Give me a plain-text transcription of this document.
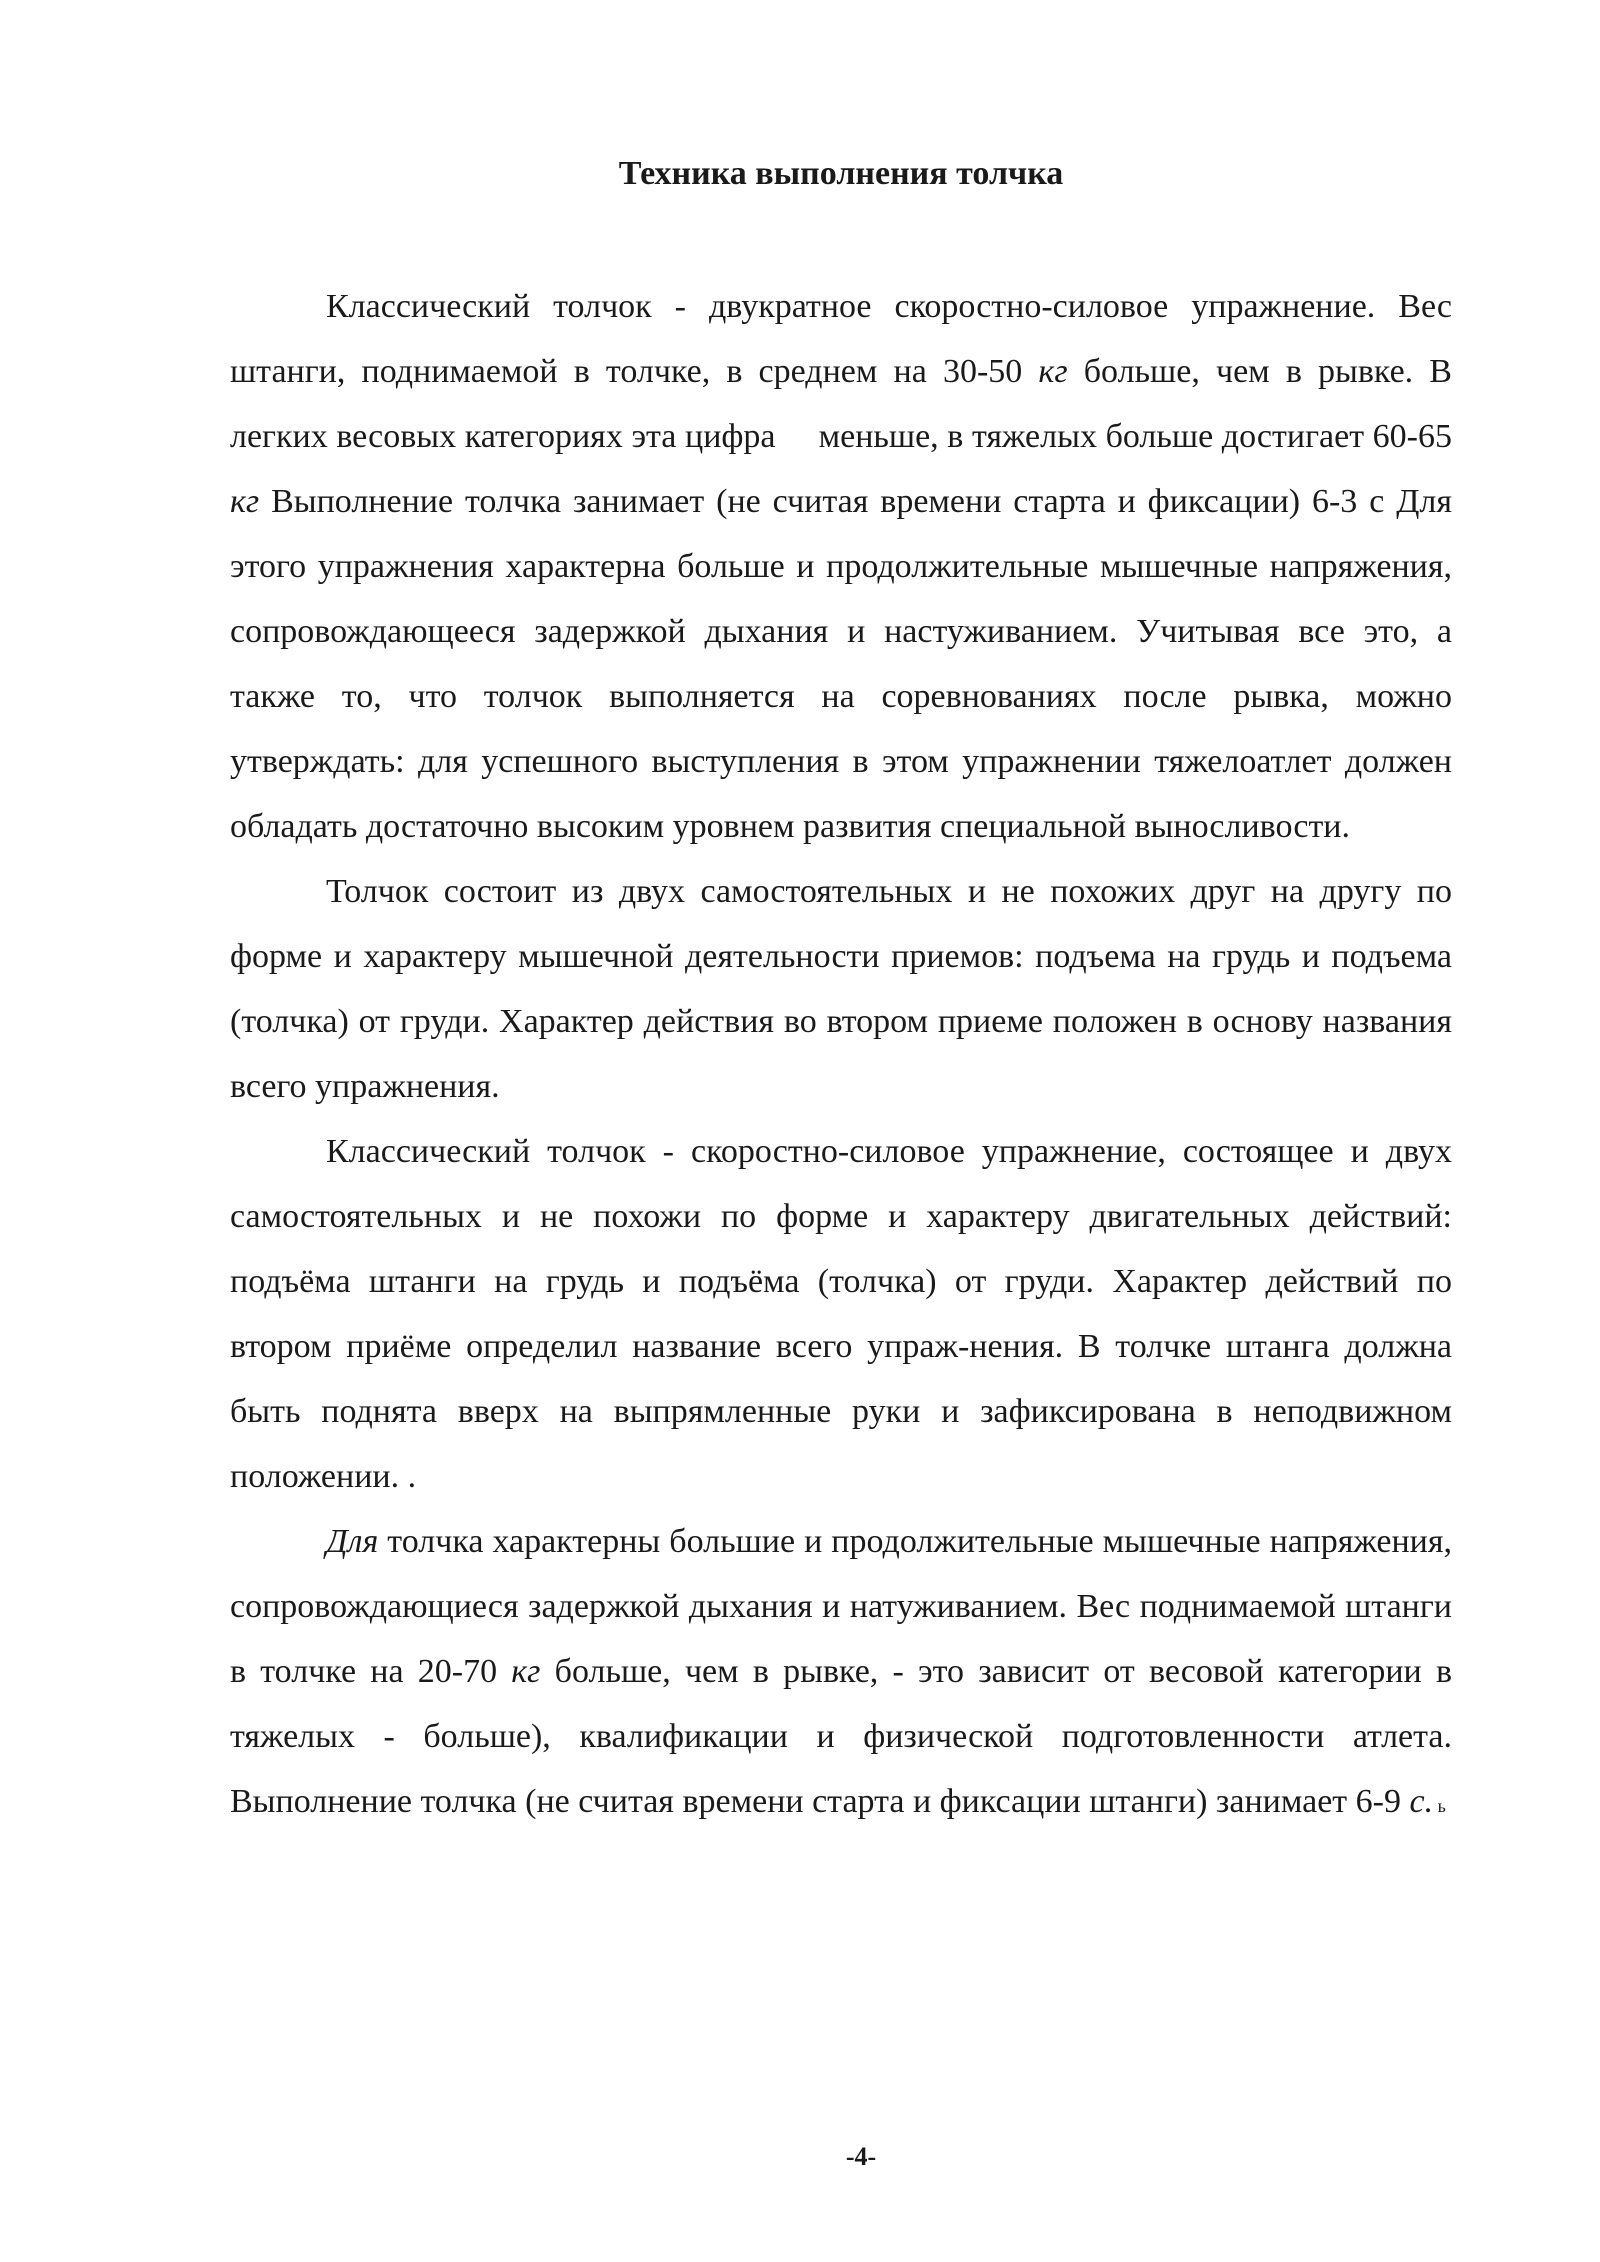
Техника выполнения толчка

Классический толчок - двукратное скоростно-силовое упражнение. Вес штанги, поднимаемой в толчке, в среднем на 30-50 кг больше, чем в рывке. В легких весовых категориях эта цифра     меньше, в тяжелых больше достигает 60-65 кг Выполнение толчка занимает (не считая времени старта и фиксации) 6-3 с Для этого упражнения характерна больше и продолжительные мышечные напряжения, сопровождающееся задержкой дыхания и настуживанием. Учитывая все это, а также то, что толчок выполняется на соревнованиях после рывка, можно утверждать: для успешного выступления в этом упражнении тяжелоатлет должен обладать достаточно высоким уровнем развития специальной выносливости.

Толчок состоит из двух самостоятельных и не похожих друг на другу по форме и характеру мышечной деятельности приемов: подъема на грудь и подъема (толчка) от груди. Характер действия во втором приеме положен в основу названия всего упражнения.

Классический толчок - скоростно-силовое упражнение, состоящее и двух самостоятельных и не похожи по форме и характеру двигательных действий: подъёма штанги на грудь и подъёма (толчка) от груди. Характер действий по втором приёме определил название всего упраж-нения. В толчке штанга должна быть поднята вверх на выпрямленные руки и зафиксирована в неподвижном положении. .

Для толчка характерны большие и продолжительные мышечные напряжения, сопровождающиеся задержкой дыхания и натуживанием. Вес поднимаемой штанги в толчке на 20-70 кг больше, чем в рывке, - это зависит от весовой категории в тяжелых - больше), квалификации и физической подготовленности атлета. Выполнение толчка (не считая времени старта и фиксации штанги) занимает 6-9 с. ь

-4-
